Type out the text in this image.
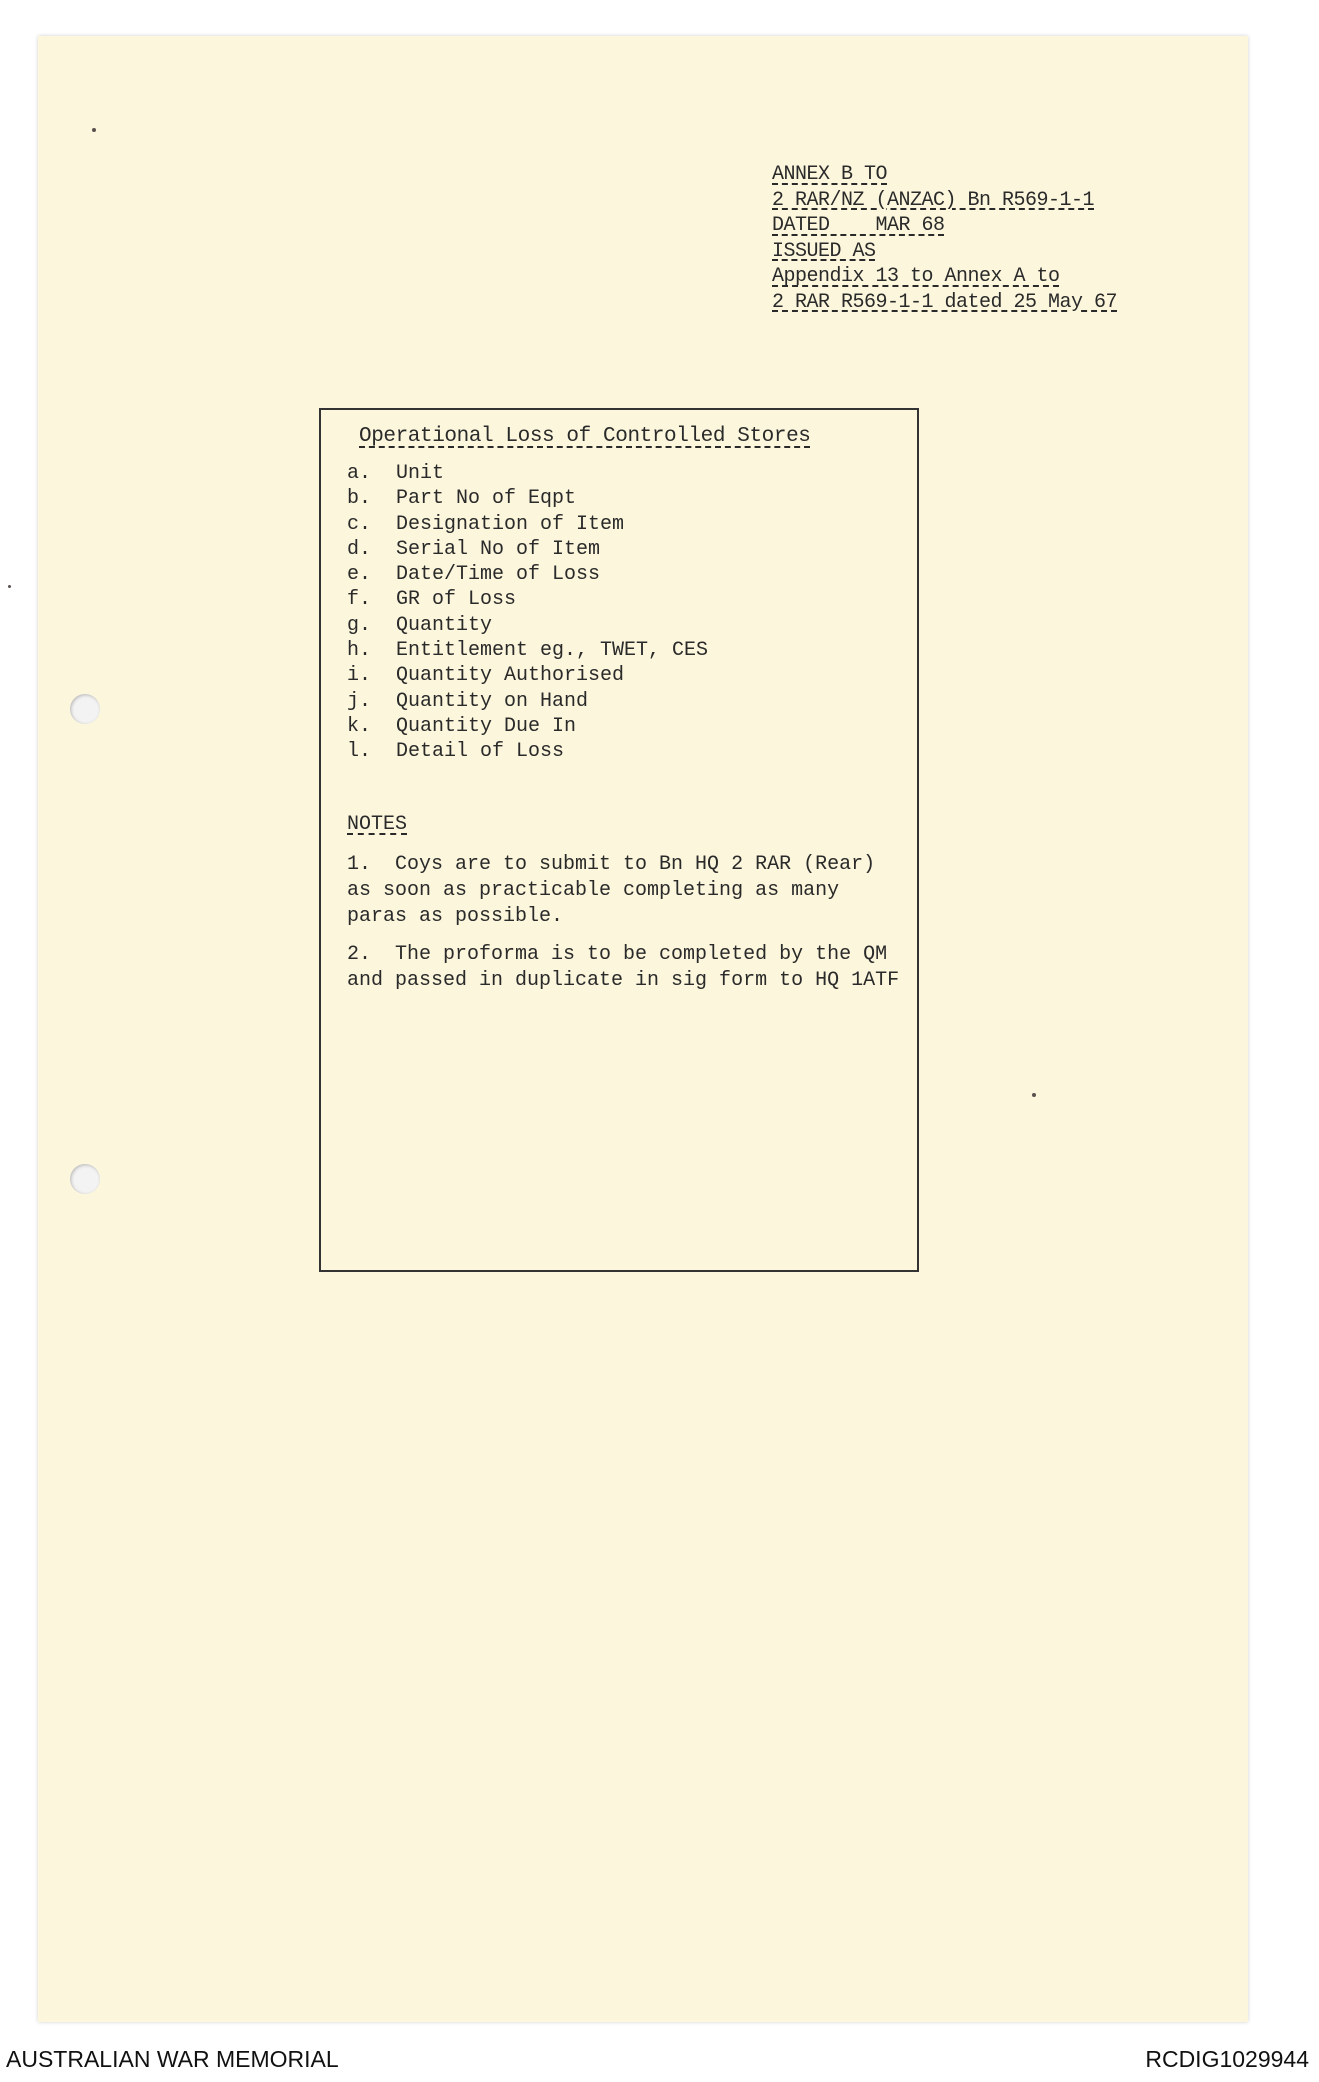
ANNEX B TO
2 RAR/NZ (ANZAC) Bn R569-1-1
DATED    MAR 68
ISSUED AS
Appendix 13 to Annex A to
2 RAR R569-1-1 dated 25 May 67
Operational Loss of Controlled Stores
a.	Unit
b.	Part No of Eqpt
c.	Designation of Item
d.	Serial No of Item
e.	Date/Time of Loss
f.	GR of Loss
g.	Quantity
h.	Entitlement eg., TWET, CES
i.	Quantity Authorised
j.	Quantity on Hand
k.	Quantity Due In
l.	Detail of Loss
NOTES
1.  Coys are to submit to Bn HQ 2 RAR (Rear)
as soon as practicable completing as many
paras as possible.
2.  The proforma is to be completed by the QM
and passed in duplicate in sig form to HQ 1ATF
AUSTRALIAN WAR MEMORIAL	RCDIG1029944
